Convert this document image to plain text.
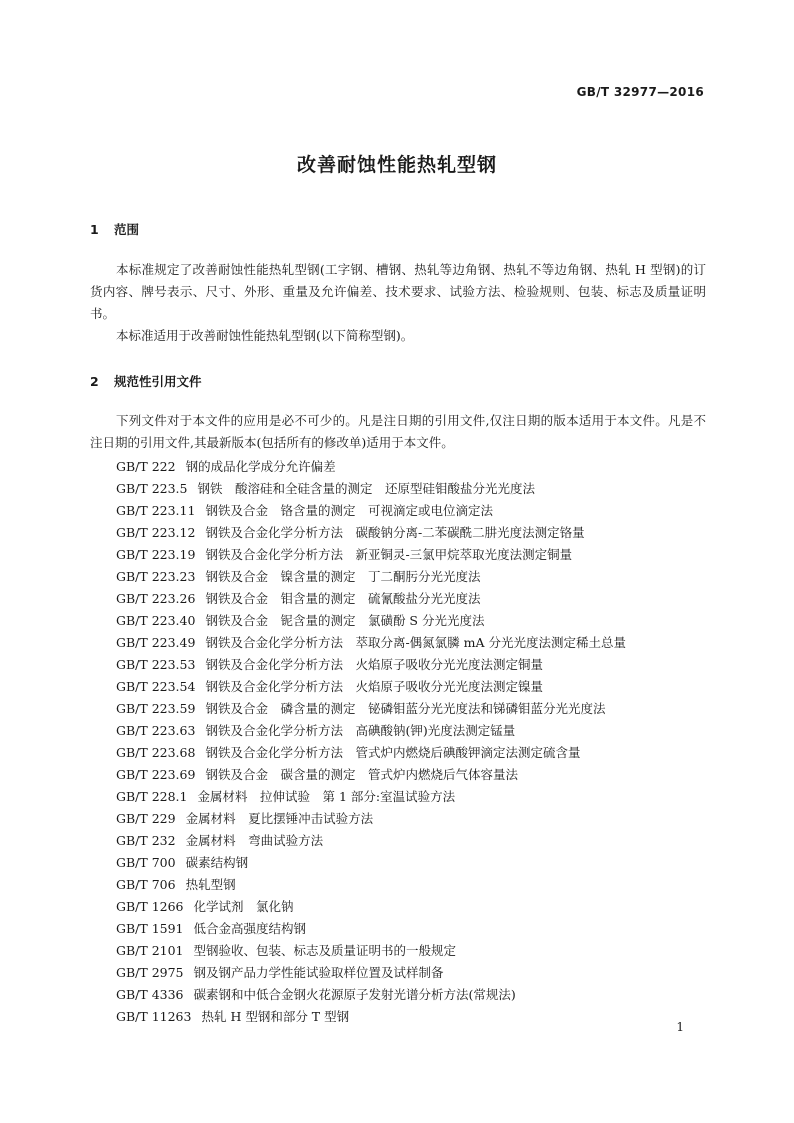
GB/T 32977—2016
改善耐蚀性能热轧型钢
1 范围

本标准规定了改善耐蚀性能热轧型钢(工字钢、槽钢、热轧等边角钢、热轧不等边角钢、热轧 H 型钢)的订货内容、牌号表示、尺寸、外形、重量及允许偏差、技术要求、试验方法、检验规则、包装、标志及质量证明书。

本标准适用于改善耐蚀性能热轧型钢(以下简称型钢)。

2 规范性引用文件

下列文件对于本文件的应用是必不可少的。凡是注日期的引用文件,仅注日期的版本适用于本文件。凡是不注日期的引用文件,其最新版本(包括所有的修改单)适用于本文件。

GB/T 222 钢的成品化学成分允许偏差
GB/T 223.5 钢铁　酸溶硅和全硅含量的测定　还原型硅钼酸盐分光光度法
GB/T 223.11 钢铁及合金　铬含量的测定　可视滴定或电位滴定法
GB/T 223.12 钢铁及合金化学分析方法　碳酸钠分离-二苯碳酰二肼光度法测定铬量
GB/T 223.19 钢铁及合金化学分析方法　新亚铜灵-三氯甲烷萃取光度法测定铜量
GB/T 223.23 钢铁及合金　镍含量的测定　丁二酮肟分光光度法
GB/T 223.26 钢铁及合金　钼含量的测定　硫氰酸盐分光光度法
GB/T 223.40 钢铁及合金　铌含量的测定　氯磺酚 S 分光光度法
GB/T 223.49 钢铁及合金化学分析方法　萃取分离-偶氮氯膦 mA 分光光度法测定稀土总量
GB/T 223.53 钢铁及合金化学分析方法　火焰原子吸收分光光度法测定铜量
GB/T 223.54 钢铁及合金化学分析方法　火焰原子吸收分光光度法测定镍量
GB/T 223.59 钢铁及合金　磷含量的测定　铋磷钼蓝分光光度法和锑磷钼蓝分光光度法
GB/T 223.63 钢铁及合金化学分析方法　高碘酸钠(钾)光度法测定锰量
GB/T 223.68 钢铁及合金化学分析方法　管式炉内燃烧后碘酸钾滴定法测定硫含量
GB/T 223.69 钢铁及合金　碳含量的测定　管式炉内燃烧后气体容量法
GB/T 228.1 金属材料　拉伸试验　第 1 部分:室温试验方法
GB/T 229 金属材料　夏比摆锤冲击试验方法
GB/T 232 金属材料　弯曲试验方法
GB/T 700 碳素结构钢
GB/T 706 热轧型钢
GB/T 1266 化学试剂　氯化钠
GB/T 1591 低合金高强度结构钢
GB/T 2101 型钢验收、包装、标志及质量证明书的一般规定
GB/T 2975 钢及钢产品力学性能试验取样位置及试样制备
GB/T 4336 碳素钢和中低合金钢火花源原子发射光谱分析方法(常规法)
GB/T 11263 热轧 H 型钢和部分 T 型钢
1
